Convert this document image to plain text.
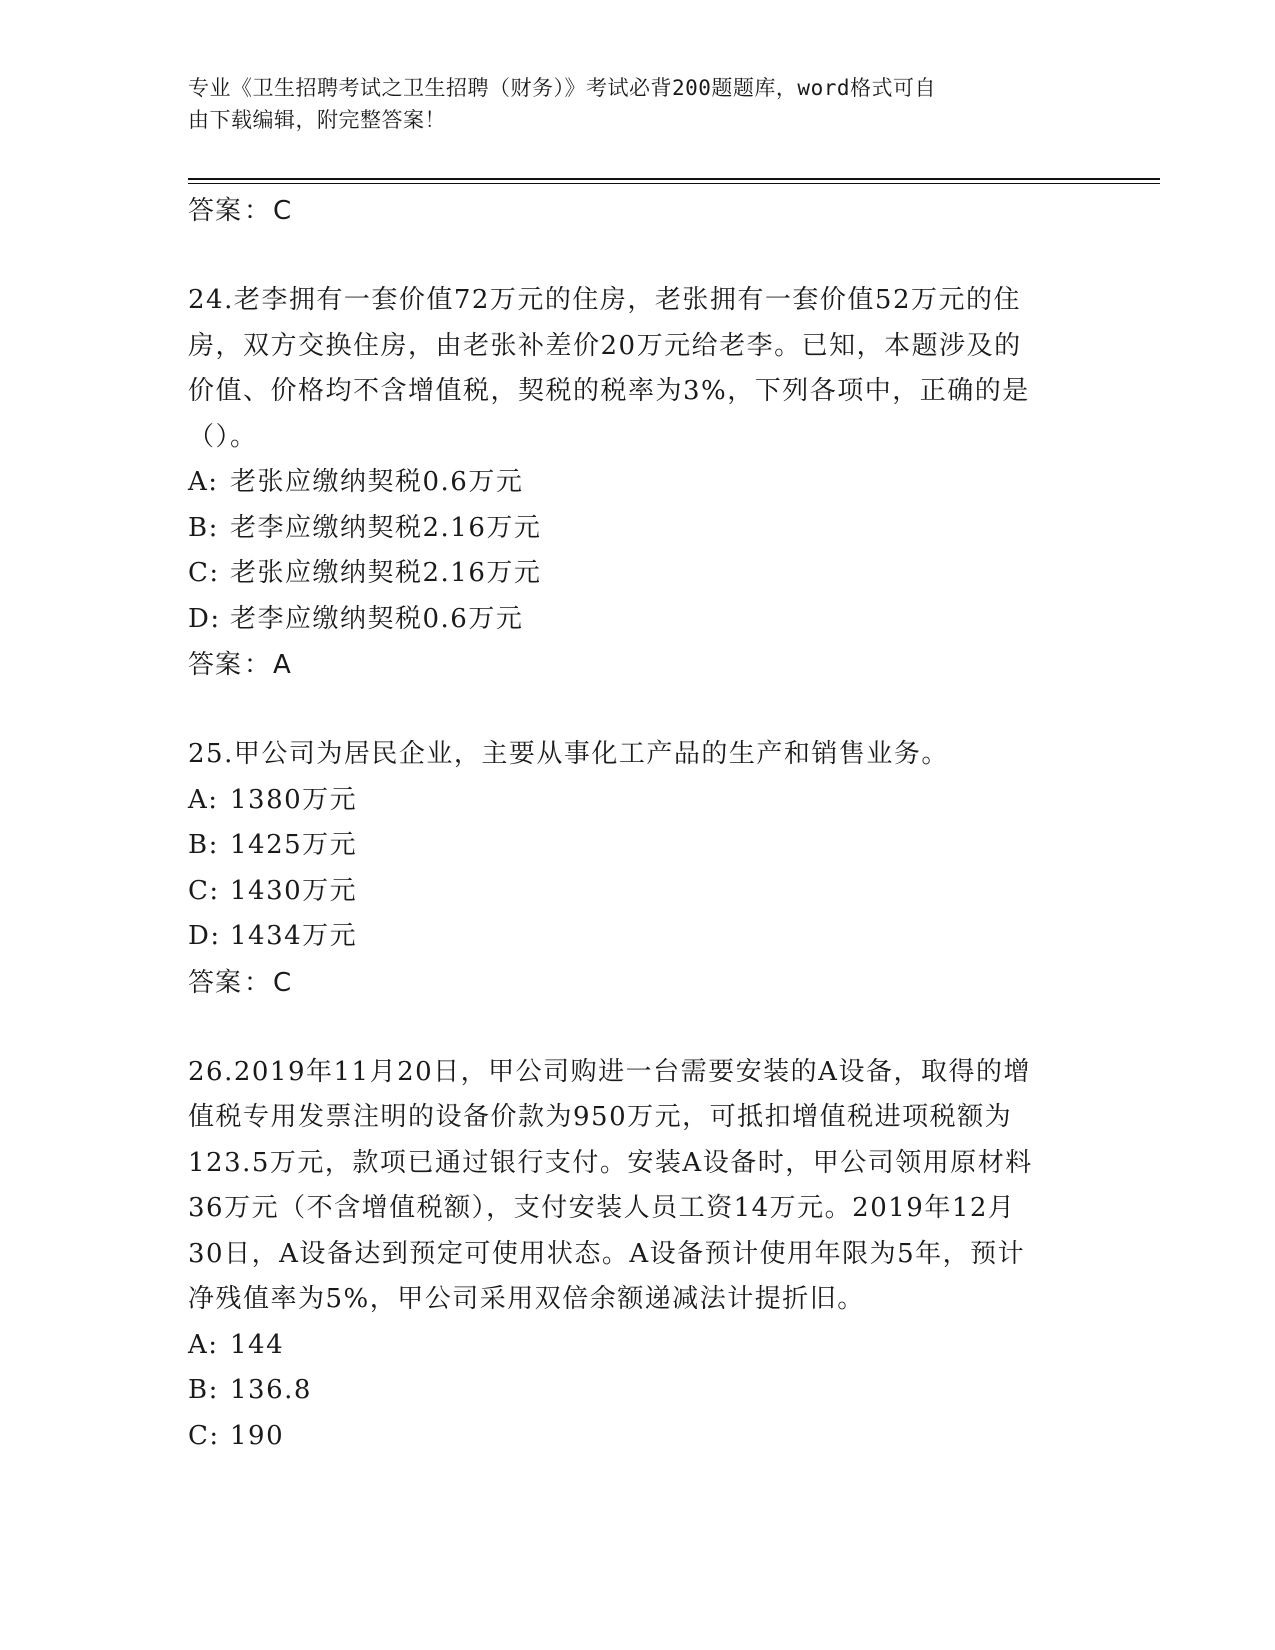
专业《卫生招聘考试之卫生招聘（财务）》考试必背200题题库，word格式可自
由下载编辑，附完整答案！
答案：C
24.老李拥有一套价值72万元的住房，老张拥有一套价值52万元的住
房，双方交换住房，由老张补差价20万元给老李。已知，本题涉及的
价值、价格均不含增值税，契税的税率为3%，下列各项中，正确的是
（）。
A: 老张应缴纳契税0.6万元
B: 老李应缴纳契税2.16万元
C: 老张应缴纳契税2.16万元
D: 老李应缴纳契税0.6万元
答案：A
25.甲公司为居民企业，主要从事化工产品的生产和销售业务。
A: 1380万元
B: 1425万元
C: 1430万元
D: 1434万元
答案：C
26.2019年11月20日，甲公司购进一台需要安装的A设备，取得的增
值税专用发票注明的设备价款为950万元，可抵扣增值税进项税额为
123.5万元，款项已通过银行支付。安装A设备时，甲公司领用原材料
36万元（不含增值税额），支付安装人员工资14万元。2019年12月
30日，A设备达到预定可使用状态。A设备预计使用年限为5年，预计
净残值率为5%，甲公司采用双倍余额递减法计提折旧。
A: 144
B: 136.8
C: 190
